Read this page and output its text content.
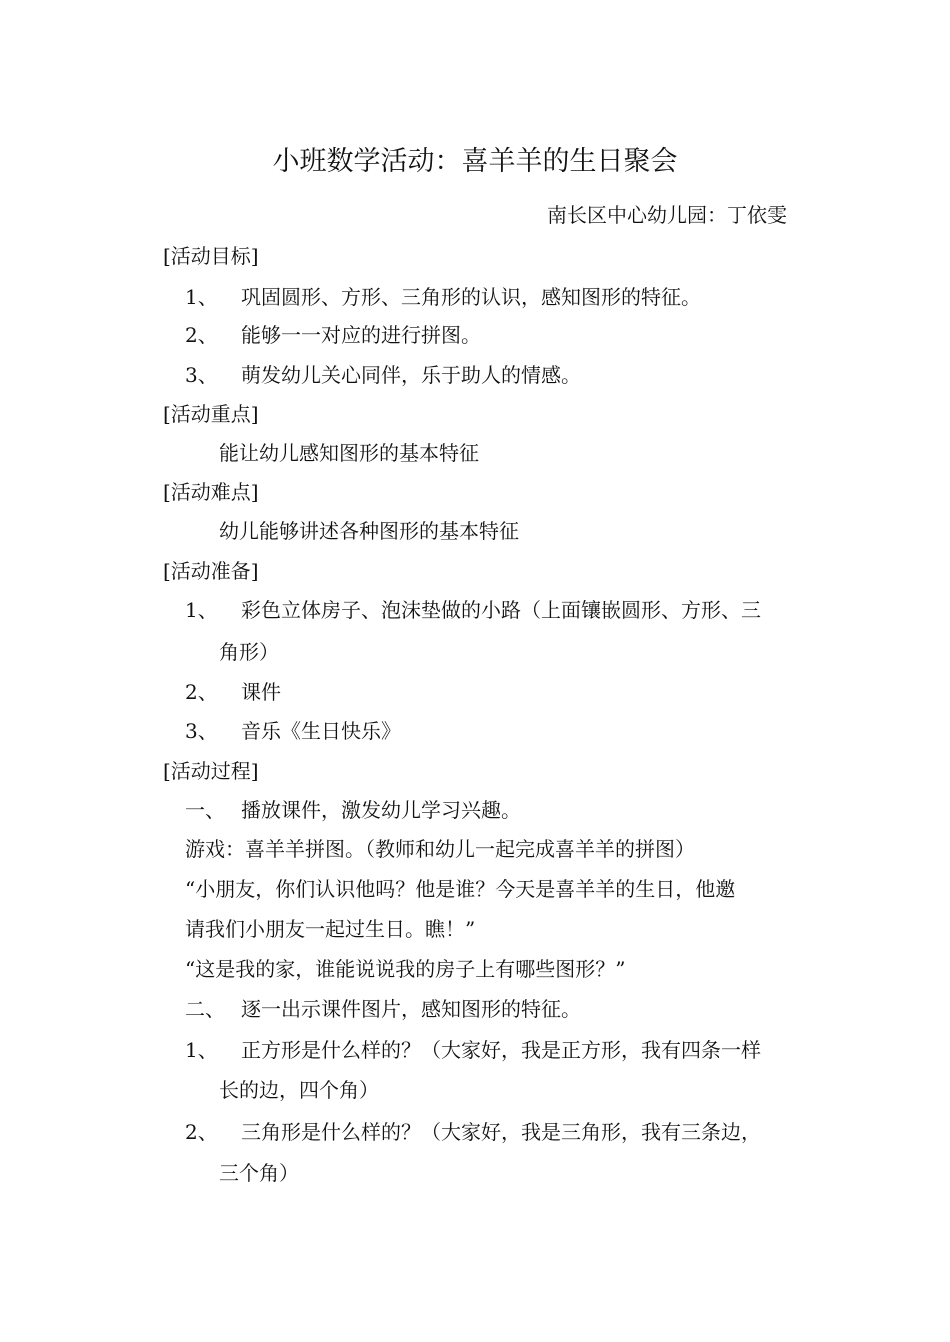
小班数学活动：喜羊羊的生日聚会
南长区中心幼儿园：丁依雯
[活动目标]
1、 巩固圆形、方形、三角形的认识，感知图形的特征。
2、 能够一一对应的进行拼图。
3、 萌发幼儿关心同伴，乐于助人的情感。
[活动重点]
能让幼儿感知图形的基本特征
[活动难点]
幼儿能够讲述各种图形的基本特征
[活动准备]
1、 彩色立体房子、泡沫垫做的小路（上面镶嵌圆形、方形、三
角形）
2、 课件
3、 音乐《生日快乐》
[活动过程]
一、 播放课件，激发幼儿学习兴趣。
游戏：喜羊羊拼图。（教师和幼儿一起完成喜羊羊的拼图）
“小朋友，你们认识他吗？他是谁？今天是喜羊羊的生日，他邀
请我们小朋友一起过生日。瞧！”
“这是我的家，谁能说说我的房子上有哪些图形？”
二、 逐一出示课件图片，感知图形的特征。
1、 正方形是什么样的？（大家好，我是正方形，我有四条一样
长的边，四个角）
2、 三角形是什么样的？（大家好，我是三角形，我有三条边，
三个角）
